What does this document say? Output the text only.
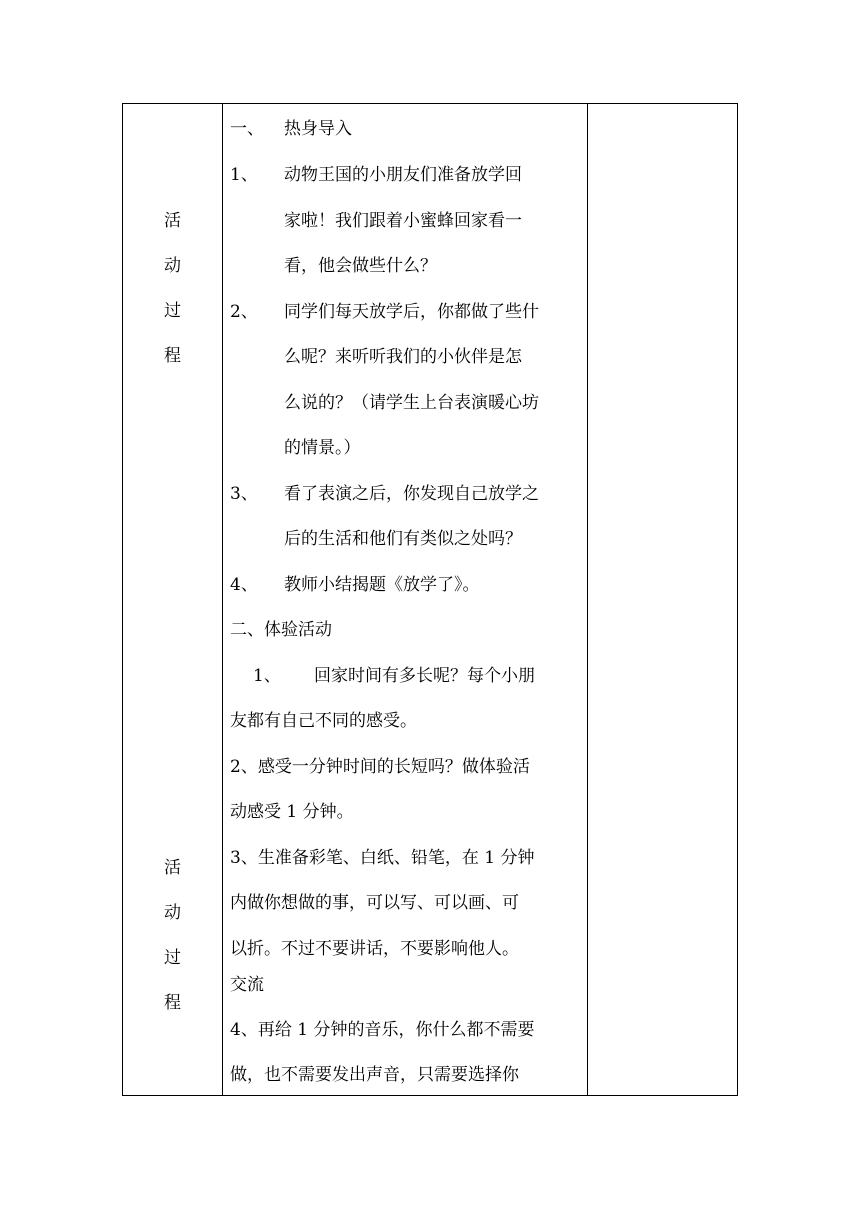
活
动
过
程
活
动
过
程
一、 热身导入
1、 动物王国的小朋友们准备放学回
家啦！我们跟着小蜜蜂回家看一
看，他会做些什么？
2、 同学们每天放学后，你都做了些什
么呢？来听听我们的小伙伴是怎
么说的？（请学生上台表演暖心坊
的情景。）
3、 看了表演之后，你发现自己放学之
后的生活和他们有类似之处吗？
4、 教师小结揭题《放学了》。
二、体验活动
1、 回家时间有多长呢？每个小朋
友都有自己不同的感受。
2、感受一分钟时间的长短吗？做体验活
动感受 1 分钟。
3、生准备彩笔、白纸、铅笔，在 1 分钟
内做你想做的事，可以写、可以画、可
以折。不过不要讲话，不要影响他人。
交流
4、再给 1 分钟的音乐，你什么都不需要
做，也不需要发出声音，只需要选择你
